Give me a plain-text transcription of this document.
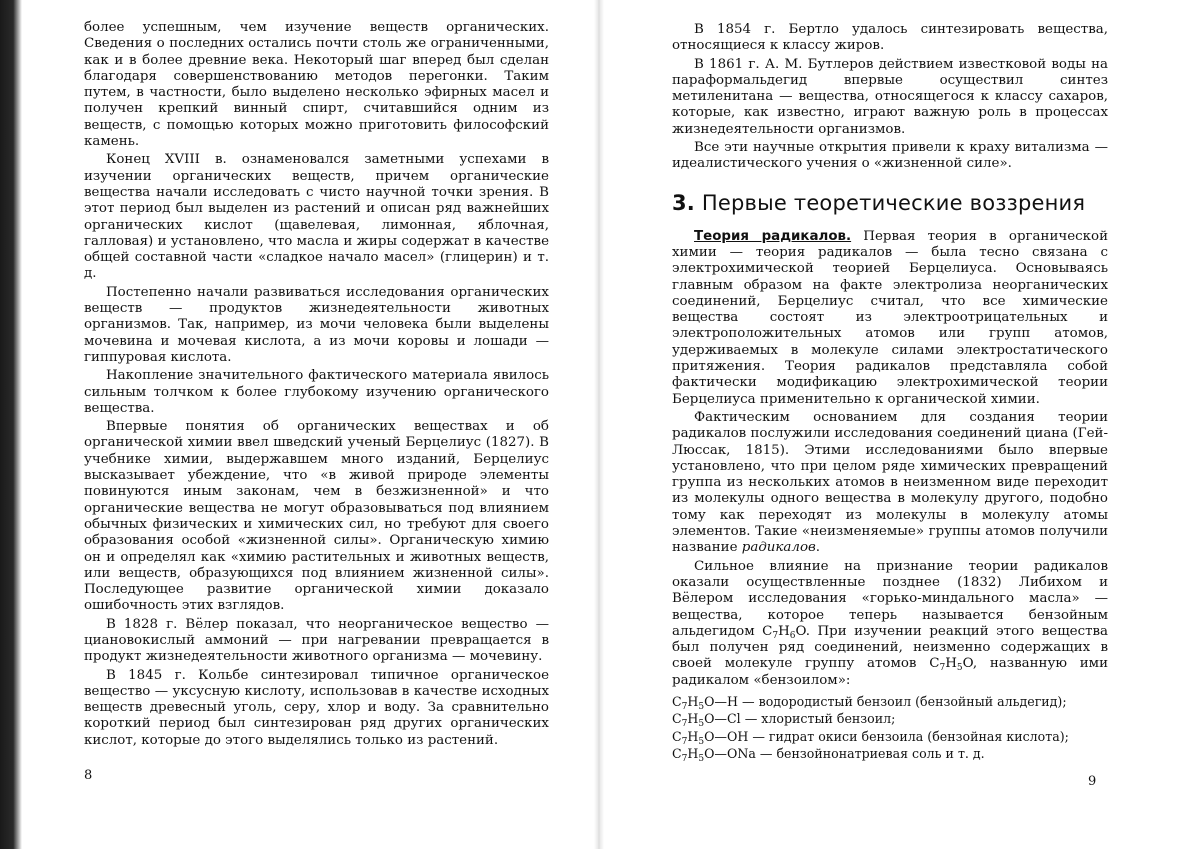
более успешным, чем изучение веществ органических. Сведения о последних остались почти столь же ограниченными, как и в более древние века. Некоторый шаг вперед был сделан благодаря совершенствованию методов перегонки. Таким путем, в частности, было выделено несколько эфирных масел и получен крепкий винный спирт, считавшийся одним из веществ, с помощью которых можно приготовить философский камень.

Конец XVIII в. ознаменовался заметными успехами в изучении органических веществ, причем органические вещества начали исследовать с чисто научной точки зрения. В этот период был выделен из растений и описан ряд важнейших органических кислот (щавелевая, лимонная, яблочная, галловая) и установлено, что масла и жиры содержат в качестве общей составной части «сладкое начало масел» (глицерин) и т. д.

Постепенно начали развиваться исследования органических веществ — продуктов жизнедеятельности животных организмов. Так, например, из мочи человека были выделены мочевина и мочевая кислота, а из мочи коровы и лошади — гиппуровая кислота.

Накопление значительного фактического материала явилось сильным толчком к более глубокому изучению органического вещества.

Впервые понятия об органических веществах и об органической химии ввел шведский ученый Берцелиус (1827). В учебнике химии, выдержавшем много изданий, Берцелиус высказывает убеждение, что «в живой природе элементы повинуются иным законам, чем в безжизненной» и что органические вещества не могут образовываться под влиянием обычных физических и химических сил, но требуют для своего образования особой «жизненной силы». Органическую химию он и определял как «химию растительных и животных веществ, или веществ, образующихся под влиянием жизненной силы». Последующее развитие органической химии доказало ошибочность этих взглядов.

В 1828 г. Вёлер показал, что неорганическое вещество — циановокислый аммоний — при нагревании превращается в продукт жизнедеятельности животного организма — мочевину.

В 1845 г. Кольбе синтезировал типичное органическое вещество — уксусную кислоту, использовав в качестве исходных веществ древесный уголь, серу, хлор и воду. За сравнительно короткий период был синтезирован ряд других органических кислот, которые до этого выделялись только из растений.

8

В 1854 г. Бертло удалось синтезировать вещества, относящиеся к классу жиров.

В 1861 г. А. М. Бутлеров действием известковой воды на параформальдегид впервые осуществил синтез метиленитана — вещества, относящегося к классу сахаров, которые, как известно, играют важную роль в процессах жизнедеятельности организмов.

Все эти научные открытия привели к краху витализма — идеалистического учения о «жизненной силе».

3. Первые теоретические воззрения

Теория радикалов. Первая теория в органической химии — теория радикалов — была тесно связана с электрохимической теорией Берцелиуса. Основываясь главным образом на факте электролиза неорганических соединений, Берцелиус считал, что все химические вещества состоят из электроотрицательных и электроположительных атомов или групп атомов, удерживаемых в молекуле силами электростатического притяжения. Теория радикалов представляла собой фактически модификацию электрохимической теории Берцелиуса применительно к органической химии.

Фактическим основанием для создания теории радикалов послужили исследования соединений циана (Гей-Люссак, 1815). Этими исследованиями было впервые установлено, что при целом ряде химических превращений группа из нескольких атомов в неизменном виде переходит из молекулы одного вещества в молекулу другого, подобно тому как переходят из молекулы в молекулу атомы элементов. Такие «неизменяемые» группы атомов получили название радикалов.

Сильное влияние на признание теории радикалов оказали осуществленные позднее (1832) Либихом и Вёлером исследования «горько-миндального масла» — вещества, которое теперь называется бензойным альдегидом $C_7H_6O$. При изучении реакций этого вещества был получен ряд соединений, неизменно содержащих в своей молекуле группу атомов $C_7H_5O$, названную ими радикалом «бензоилом»:

$C_7H_5O—H$ — водородистый бензоил (бензойный альдегид);
$C_7H_5O—Cl$ — хлористый бензоил;
$C_7H_5O—OH$ — гидрат окиси бензоила (бензойная кислота);
$C_7H_5O—ONa$ — бензойнонатриевая соль и т. д.
9
